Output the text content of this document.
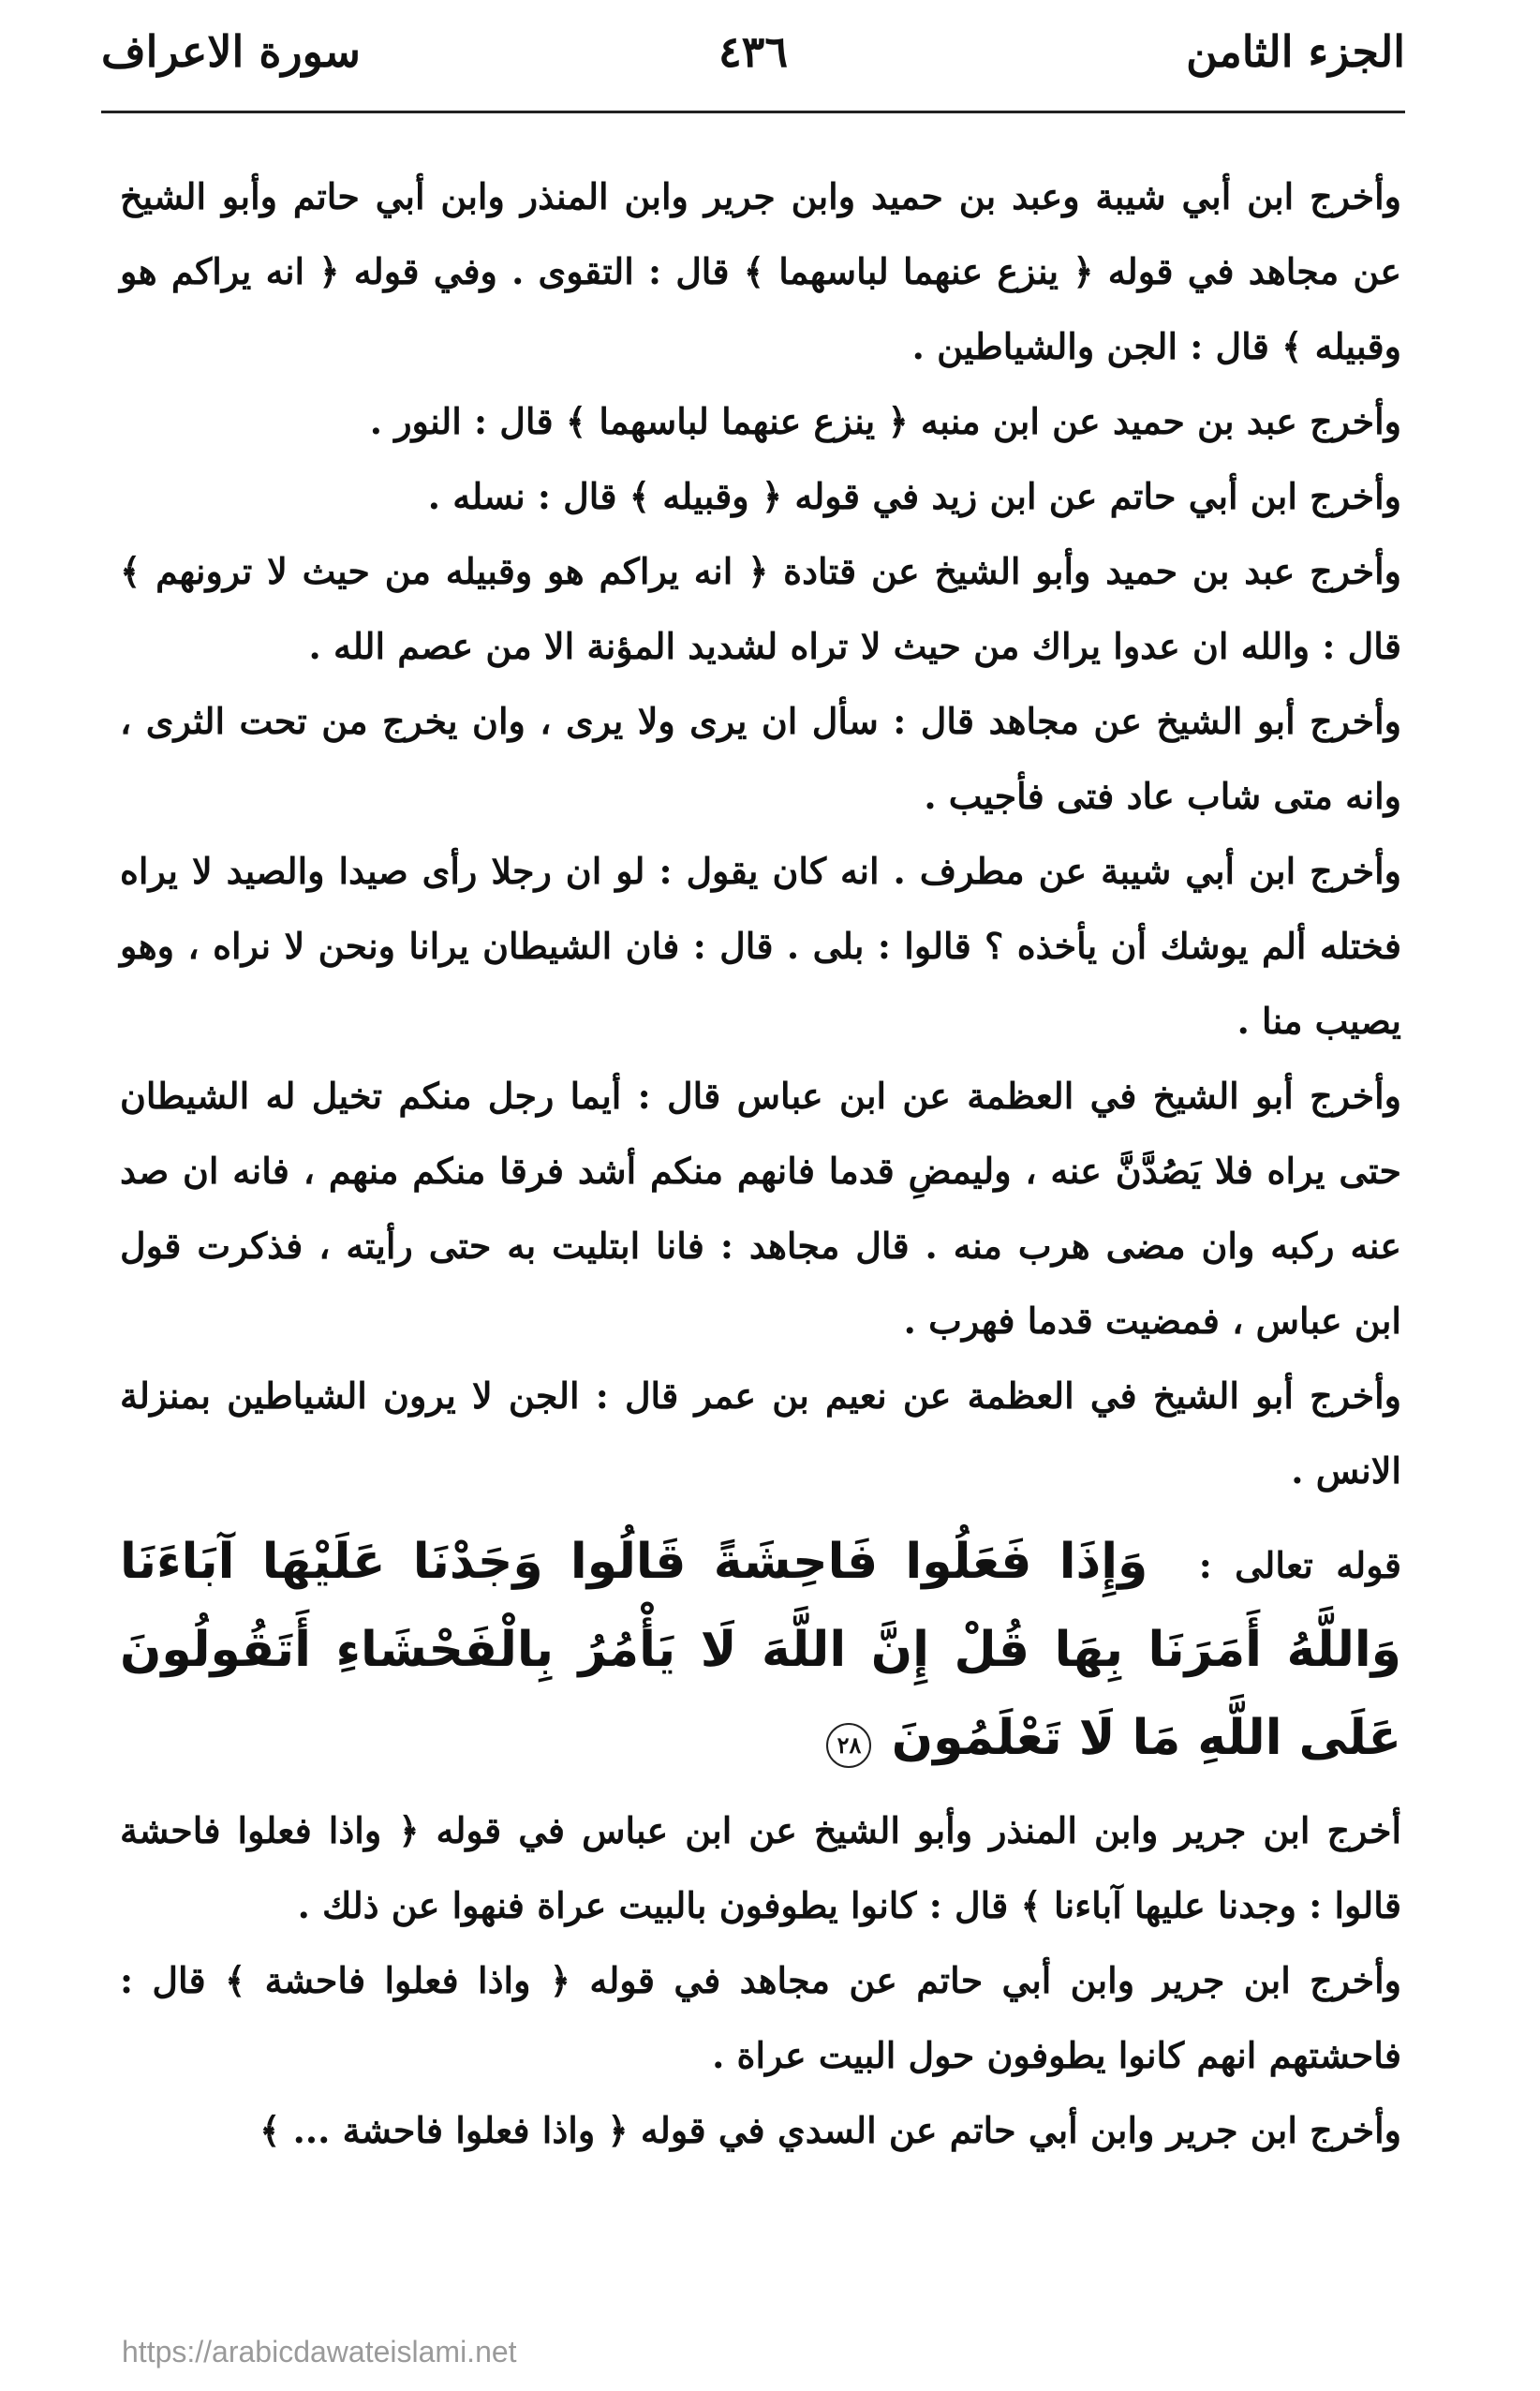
الجزء الثامن
٤٣٦
سورة الاعراف

وأخرج ابن أبي شيبة وعبد بن حميد وابن جرير وابن المنذر وابن أبي حاتم وأبو الشيخ عن مجاهد في قوله ﴿ ينزع عنهما لباسهما ﴾ قال : التقوى . وفي قوله ﴿ انه يراكم هو وقبيله ﴾ قال : الجن والشياطين .

وأخرج عبد بن حميد عن ابن منبه ﴿ ينزع عنهما لباسهما ﴾ قال : النور .

وأخرج ابن أبي حاتم عن ابن زيد في قوله ﴿ وقبيله ﴾ قال : نسله .

وأخرج عبد بن حميد وأبو الشيخ عن قتادة ﴿ انه يراكم هو وقبيله من حيث لا ترونهم ﴾ قال : والله ان عدوا يراك من حيث لا تراه لشديد المؤنة الا من عصم الله .

وأخرج أبو الشيخ عن مجاهد قال : سأل ان يرى ولا يرى ، وان يخرج من تحت الثرى ، وانه متى شاب عاد فتى فأجيب .

وأخرج ابن أبي شيبة عن مطرف . انه كان يقول : لو ان رجلا رأى صيدا والصيد لا يراه فختله ألم يوشك أن يأخذه ؟ قالوا : بلى . قال : فان الشيطان يرانا ونحن لا نراه ، وهو يصيب منا .

وأخرج أبو الشيخ في العظمة عن ابن عباس قال : أيما رجل منكم تخيل له الشيطان حتى يراه فلا يَصُدَّنَّ عنه ، وليمضِ قدما فانهم منكم أشد فرقا منكم منهم ، فانه ان صد عنه ركبه وان مضى هرب منه . قال مجاهد : فانا ابتليت به حتى رأيته ، فذكرت قول ابن عباس ، فمضيت قدما فهرب .

وأخرج أبو الشيخ في العظمة عن نعيم بن عمر قال : الجن لا يرون الشياطين بمنزلة الانس .

قوله تعالى : وَإِذَا فَعَلُوا فَاحِشَةً قَالُوا وَجَدْنَا عَلَيْهَا آبَاءَنَا وَاللَّهُ أَمَرَنَا بِهَا قُلْ إِنَّ اللَّهَ لَا يَأْمُرُ بِالْفَحْشَاءِ أَتَقُولُونَ عَلَى اللَّهِ مَا لَا تَعْلَمُونَ ٢٨

أخرج ابن جرير وابن المنذر وأبو الشيخ عن ابن عباس في قوله ﴿ واذا فعلوا فاحشة قالوا : وجدنا عليها آباءنا ﴾ قال : كانوا يطوفون بالبيت عراة فنهوا عن ذلك .

وأخرج ابن جرير وابن أبي حاتم عن مجاهد في قوله ﴿ واذا فعلوا فاحشة ﴾ قال : فاحشتهم انهم كانوا يطوفون حول البيت عراة .

وأخرج ابن جرير وابن أبي حاتم عن السدي في قوله ﴿ واذا فعلوا فاحشة ... ﴾

https://arabicdawateislami.net
